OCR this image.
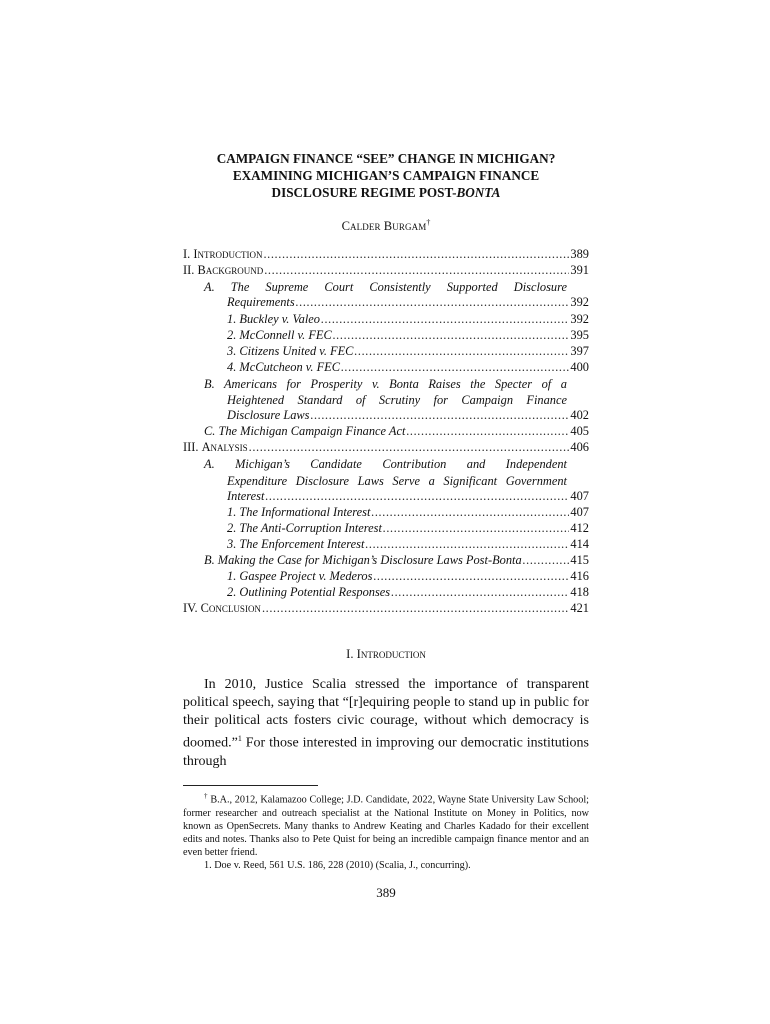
CAMPAIGN FINANCE “SEE” CHANGE IN MICHIGAN?
EXAMINING MICHIGAN’S CAMPAIGN FINANCE
DISCLOSURE REGIME POST-BONTA
Calder Burgam†
I. Introduction .....	389
II. Background .....	391
A. The Supreme Court Consistently Supported Disclosure
Requirements .....	392
1. Buckley v. Valeo .....	392
2. McConnell v. FEC .....	395
3. Citizens United v. FEC .....	397
4. McCutcheon v. FEC .....	400
B. Americans for Prosperity v. Bonta Raises the Specter of a
Heightened Standard of Scrutiny for Campaign Finance
Disclosure Laws .....	402
C. The Michigan Campaign Finance Act .....	405
III. Analysis .....	406
A. Michigan’s Candidate Contribution and Independent
Expenditure Disclosure Laws Serve a Significant Government
Interest .....	407
1. The Informational Interest .....	407
2. The Anti-Corruption Interest .....	412
3. The Enforcement Interest .....	414
B. Making the Case for Michigan’s Disclosure Laws Post-Bonta .....	415
1. Gaspee Project v. Mederos .....	416
2. Outlining Potential Responses .....	418
IV. Conclusion .....	421
I. Introduction

In 2010, Justice Scalia stressed the importance of transparent political speech, saying that “[r]equiring people to stand up in public for their political acts fosters civic courage, without which democracy is doomed.”$^1$ For those interested in improving our democratic institutions through

† B.A., 2012, Kalamazoo College; J.D. Candidate, 2022, Wayne State University Law School; former researcher and outreach specialist at the National Institute on Money in Politics, now known as OpenSecrets. Many thanks to Andrew Keating and Charles Kadado for their excellent edits and notes. Thanks also to Pete Quist for being an incredible campaign finance mentor and an even better friend.

1. Doe v. Reed, 561 U.S. 186, 228 (2010) (Scalia, J., concurring).

389
